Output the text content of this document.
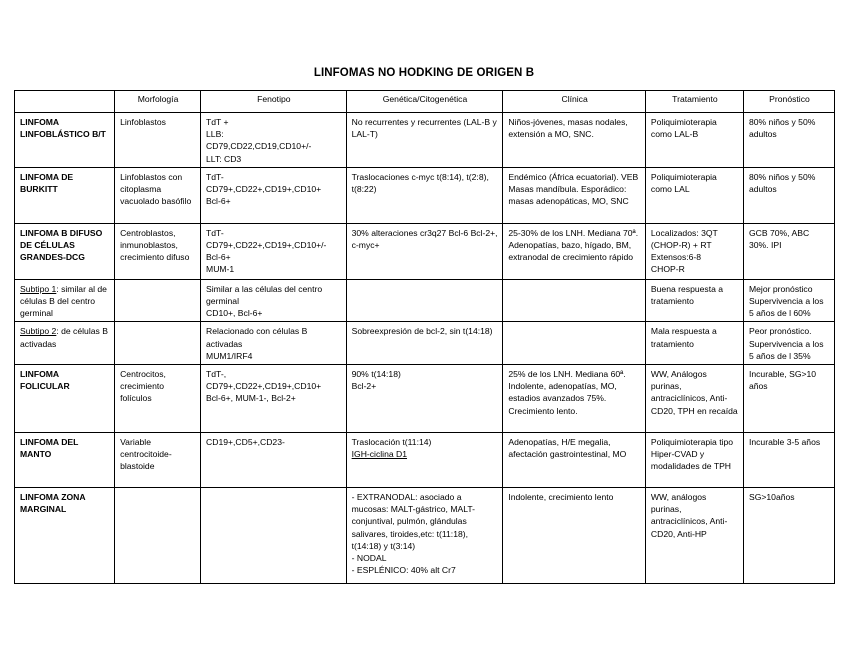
LINFOMAS NO HODKING DE ORIGEN B
	Morfología	Fenotipo	Genética/Citogenética	Clínica	Tratamiento	Pronóstico
LINFOMA LINFOBLÁSTICO B/T	Linfoblastos	TdT +
LLB:
CD79,CD22,CD19,CD10+/-
LLT: CD3	No recurrentes y recurrentes (LAL-B y LAL-T)	Niños-jóvenes, masas nodales, extensión a MO, SNC.	Poliquimioterapia como LAL-B	80% niños y 50% adultos
LINFOMA DE BURKITT	Linfoblastos con citoplasma vacuolado basófilo	TdT-
CD79+,CD22+,CD19+,CD10+
Bcl-6+	Traslocaciones c-myc t(8:14), t(2:8), t(8:22)	Endémico (África ecuatorial). VEB Masas mandíbula. Esporádico: masas adenopáticas, MO, SNC	Poliquimioterapia como LAL	80% niños y 50% adultos
LINFOMA B DIFUSO DE CÉLULAS GRANDES-DCG	Centroblastos, inmunoblastos, crecimiento difuso	TdT-
CD79+,CD22+,CD19+,CD10+/-
Bcl-6+
MUM-1	30% alteraciones cr3q27 Bcl-6 Bcl-2+, c-myc+	25-30% de los LNH. Mediana 70ª. Adenopatías, bazo, hígado, BM, extranodal de crecimiento rápido	Localizados: 3QT (CHOP-R) + RT
Extensos:6-8
CHOP-R	GCB 70%, ABC 30%. IPI
Subtipo 1: similar al de células B del centro germinal		Similar a las células del centro germinal
CD10+, Bcl-6+			Buena respuesta a tratamiento	Mejor pronóstico Supervivencia a los 5 años de l 60%
Subtipo 2: de células B activadas		Relacionado con células B activadas
MUM1/IRF4	Sobreexpresión de bcl-2, sin t(14:18)		Mala respuesta a tratamiento	Peor pronóstico. Supervivencia a los 5 años de l 35%
LINFOMA FOLICULAR	Centrocitos, crecimiento folículos	TdT-,
CD79+,CD22+,CD19+,CD10+
Bcl-6+, MUM-1-, Bcl-2+	90% t(14:18)
Bcl-2+	25% de los LNH. Mediana 60ª. Indolente, adenopatías, MO, estadios avanzados 75%. Crecimiento lento.	WW, Análogos purinas, antraciclínicos, Anti-CD20, TPH en recaída	Incurable, SG>10 años
LINFOMA DEL MANTO	Variable centrocitoide-blastoide	CD19+,CD5+,CD23-	Traslocación t(11:14)
IGH-ciclina D1	Adenopatías, H/E megalia, afectación gastrointestinal, MO	Poliquimioterapia tipo Hiper-CVAD y modalidades de TPH	Incurable 3-5 años
LINFOMA ZONA MARGINAL			- EXTRANODAL: asociado a mucosas: MALT-gástrico, MALT-conjuntival, pulmón, glándulas salivares, tiroides,etc: t(11:18), t(14:18) y t(3:14)
- NODAL
- ESPLÉNICO: 40% alt Cr7	Indolente, crecimiento lento	WW, análogos purinas, antraciclínicos, Anti-CD20, Anti-HP	SG>10años
